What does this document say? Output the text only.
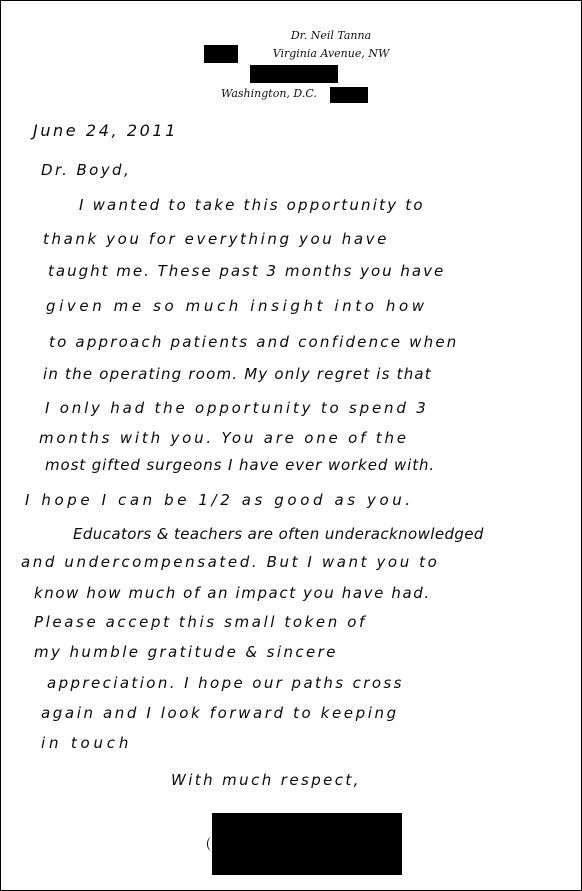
Dr. Neil Tanna
Virginia Avenue, NW
Washington, D.C.
June 24, 2011
Dr. Boyd,
I wanted to take this opportunity to
thank you for everything you have
taught me. These past 3 months you have
given me so much insight into how
to approach patients and confidence when
in the operating room. My only regret is that
I only had the opportunity to spend 3
months with you. You are one of the
most gifted surgeons I have ever worked with.
I hope I can be 1/2 as good as you.
Educators & teachers are often underacknowledged
and undercompensated. But I want you to
know how much of an impact you have had.
Please accept this small token of
my humble gratitude & sincere
appreciation. I hope our paths cross
again and I look forward to keeping
in touch
With much respect,
